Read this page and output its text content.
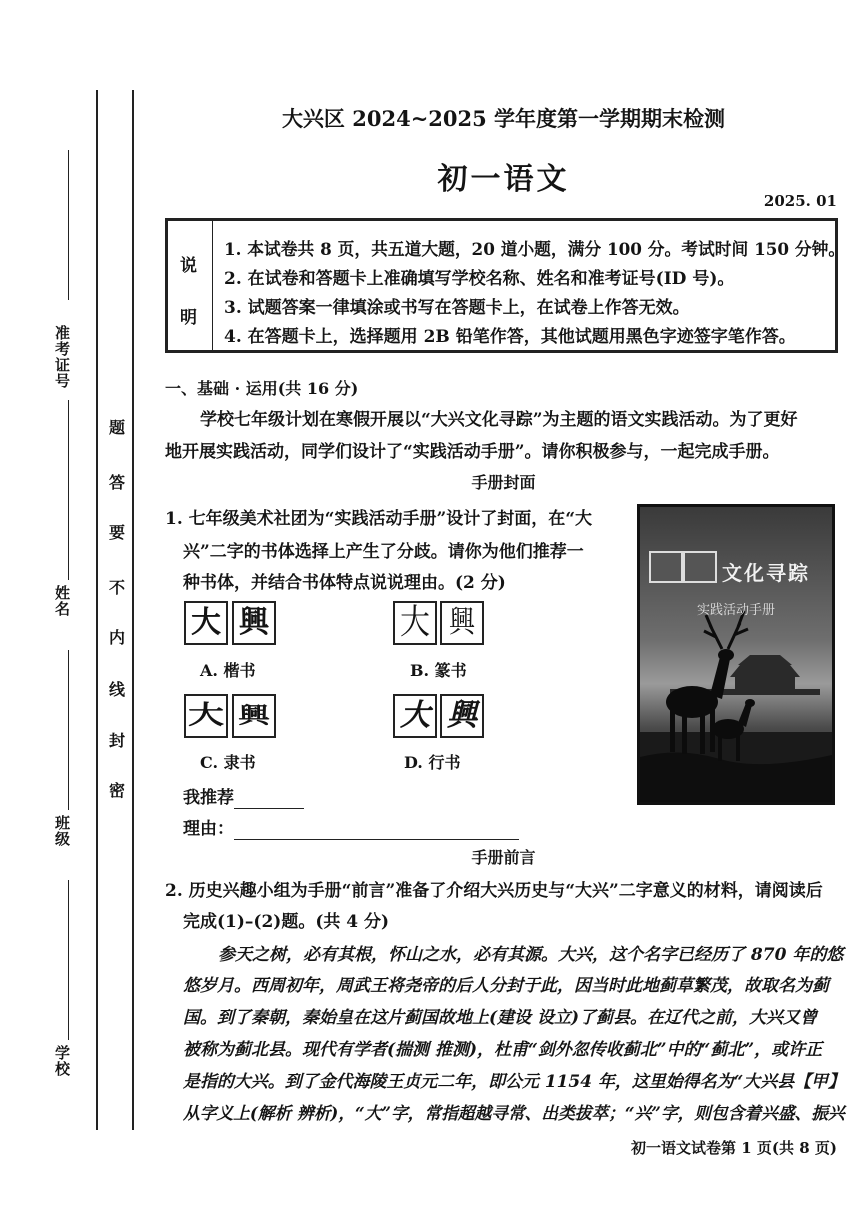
准考证号
姓名
班级
学校
题
答
要
不
内
线
封
密
大兴区 2024~2025 学年度第一学期期末检测
初一语文
2025. 01
说
明
1. 本试卷共 8 页，共五道大题，20 道小题，满分 100 分。考试时间 150 分钟。
2. 在试卷和答题卡上准确填写学校名称、姓名和准考证号(ID 号)。
3. 试题答案一律填涂或书写在答题卡上，在试卷上作答无效。
4. 在答题卡上，选择题用 2B 铅笔作答，其他试题用黑色字迹签字笔作答。
一、基础 · 运用(共 16 分)
学校七年级计划在寒假开展以“大兴文化寻踪”为主题的语文实践活动。为了更好
地开展实践活动，同学们设计了“实践活动手册”。请你积极参与，一起完成手册。
手册封面
1. 七年级美术社团为“实践活动手册”设计了封面，在“大
兴”二字的书体选择上产生了分歧。请你为他们推荐一
种书体，并结合书体特点说说理由。(2 分)
大 興
A. 楷书
大 興
B. 篆书
大 興
C. 隶书
大 興
D. 行书
我推荐
理由：
文化寻踪
实践活动手册
手册前言
2. 历史兴趣小组为手册“前言”准备了介绍大兴历史与“大兴”二字意义的材料，请阅读后
完成(1)–(2)题。(共 4 分)
参天之树，必有其根，怀山之水，必有其源。大兴，这个名字已经历了 870 年的悠
悠岁月。西周初年，周武王将尧帝的后人分封于此，因当时此地蓟草繁茂，故取名为蓟
国。到了秦朝，秦始皇在这片蓟国故地上(建设 设立)了蓟县。在辽代之前，大兴又曾
被称为蓟北县。现代有学者(揣测 推测)，杜甫“剑外忽传收蓟北”中的“蓟北”，或许正
是指的大兴。到了金代海陵王贞元二年，即公元 1154 年，这里始得名为“大兴县【甲】
从字义上(解析 辨析)，“大”字，常指超越寻常、出类拔萃；“兴”字，则包含着兴盛、振兴
初一语文试卷第 1 页(共 8 页)
